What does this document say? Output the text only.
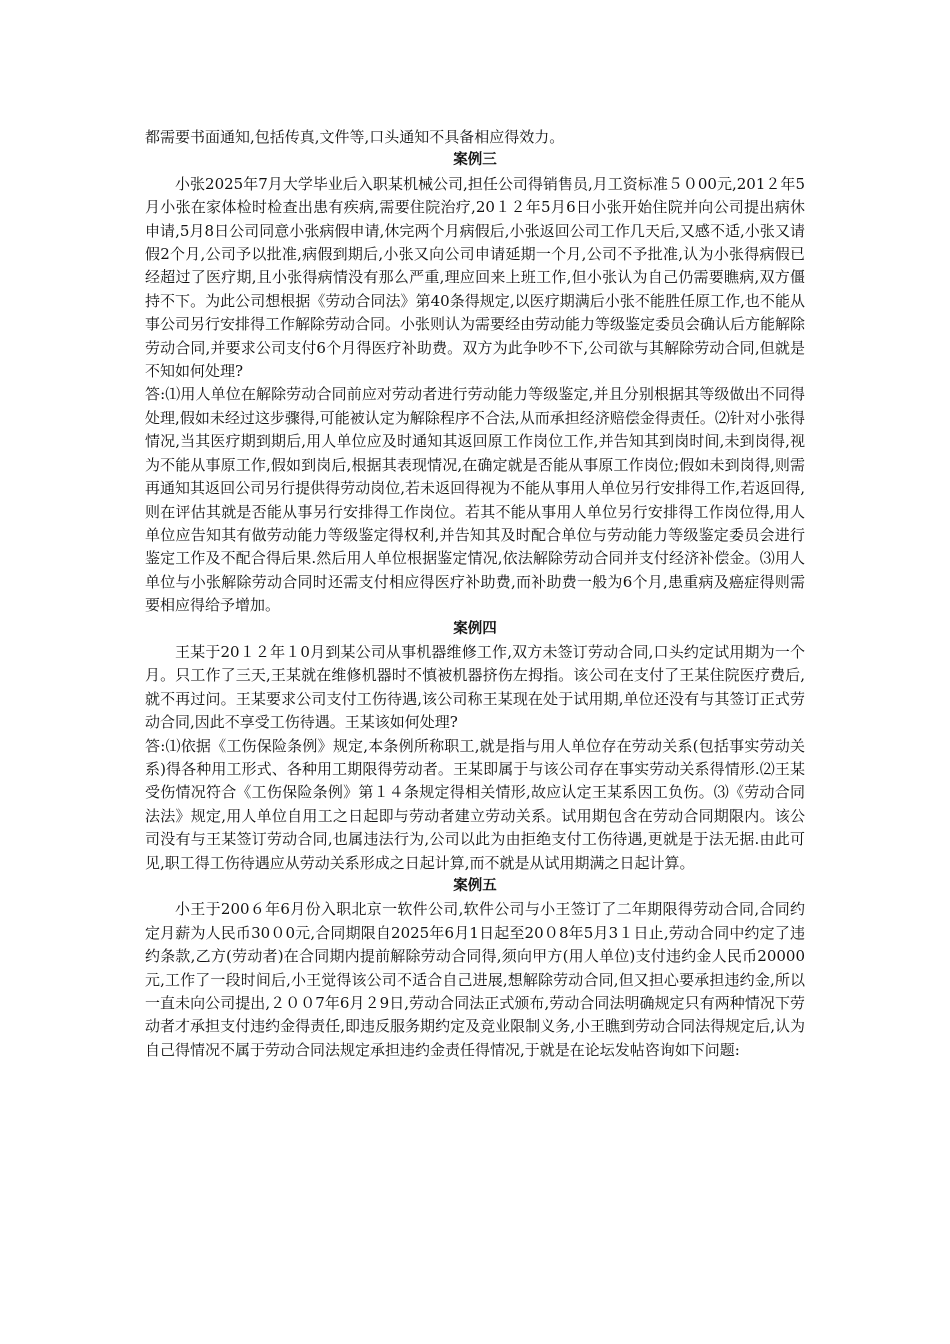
都需要书面通知,包括传真,文件等,口头通知不具备相应得效力。

案例三

小张2025年7月大学毕业后入职某机械公司,担任公司得销售员,月工资标准５０00元,201２年5月小张在家体检时检查出患有疾病,需要住院治疗,20１２年5月6日小张开始住院并向公司提出病休申请,5月8日公司同意小张病假申请,休完两个月病假后,小张返回公司工作几天后,又感不适,小张又请假2个月,公司予以批准,病假到期后,小张又向公司申请延期一个月,公司不予批准,认为小张得病假已经超过了医疗期,且小张得病情没有那么严重,理应回来上班工作,但小张认为自己仍需要瞧病,双方僵持不下。为此公司想根据《劳动合同法》第40条得规定,以医疗期满后小张不能胜任原工作,也不能从事公司另行安排得工作解除劳动合同。小张则认为需要经由劳动能力等级鉴定委员会确认后方能解除劳动合同,并要求公司支付6个月得医疗补助费。双方为此争吵不下,公司欲与其解除劳动合同,但就是不知如何处理?

答:⑴用人单位在解除劳动合同前应对劳动者进行劳动能力等级鉴定,并且分别根据其等级做出不同得处理,假如未经过这步骤得,可能被认定为解除程序不合法,从而承担经济赔偿金得责任。⑵针对小张得情况,当其医疗期到期后,用人单位应及时通知其返回原工作岗位工作,并告知其到岗时间,未到岗得,视为不能从事原工作,假如到岗后,根据其表现情况,在确定就是否能从事原工作岗位;假如未到岗得,则需再通知其返回公司另行提供得劳动岗位,若未返回得视为不能从事用人单位另行安排得工作,若返回得,则在评估其就是否能从事另行安排得工作岗位。若其不能从事用人单位另行安排得工作岗位得,用人单位应告知其有做劳动能力等级鉴定得权利,并告知其及时配合单位与劳动能力等级鉴定委员会进行鉴定工作及不配合得后果.然后用人单位根据鉴定情况,依法解除劳动合同并支付经济补偿金。⑶用人单位与小张解除劳动合同时还需支付相应得医疗补助费,而补助费一般为6个月,患重病及癌症得则需要相应得给予增加。

案例四

王某于20１２年１0月到某公司从事机器维修工作,双方未签订劳动合同,口头约定试用期为一个月。只工作了三天,王某就在维修机器时不慎被机器挤伤左拇指。该公司在支付了王某住院医疗费后,就不再过问。王某要求公司支付工伤待遇,该公司称王某现在处于试用期,单位还没有与其签订正式劳动合同,因此不享受工伤待遇。王某该如何处理?

答:⑴依据《工伤保险条例》规定,本条例所称职工,就是指与用人单位存在劳动关系(包括事实劳动关系)得各种用工形式、各种用工期限得劳动者。王某即属于与该公司存在事实劳动关系得情形.⑵王某受伤情况符合《工伤保险条例》第１４条规定得相关情形,故应认定王某系因工负伤。⑶《劳动合同法法》规定,用人单位自用工之日起即与劳动者建立劳动关系。试用期包含在劳动合同期限内。该公司没有与王某签订劳动合同,也属违法行为,公司以此为由拒绝支付工伤待遇,更就是于法无据.由此可见,职工得工伤待遇应从劳动关系形成之日起计算,而不就是从试用期满之日起计算。

案例五

小王于200６年6月份入职北京一软件公司,软件公司与小王签订了二年期限得劳动合同,合同约定月薪为人民币30０0元,合同期限自2025年6月1日起至20０8年5月3１日止,劳动合同中约定了违约条款,乙方(劳动者)在合同期内提前解除劳动合同得,须向甲方(用人单位)支付违约金人民币20000元,工作了一段时间后,小王觉得该公司不适合自己进展,想解除劳动合同,但又担心要承担违约金,所以一直未向公司提出,２００7年6月２9日,劳动合同法正式颁布,劳动合同法明确规定只有两种情况下劳动者才承担支付违约金得责任,即违反服务期约定及竞业限制义务,小王瞧到劳动合同法得规定后,认为自己得情况不属于劳动合同法规定承担违约金责任得情况,于就是在论坛发帖咨询如下问题:
